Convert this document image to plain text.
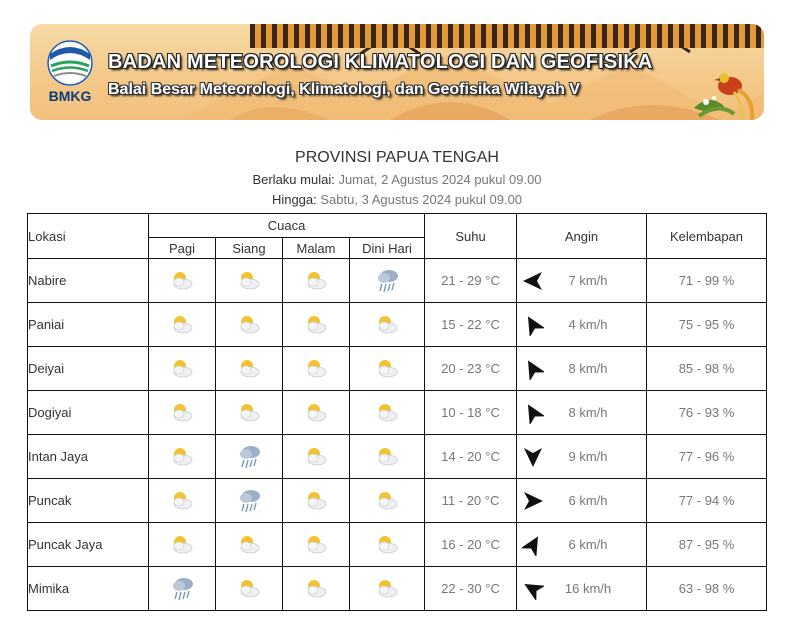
BMKG
BADAN METEOROLOGI KLIMATOLOGI DAN GEOFISIKA
Balai Besar Meteorologi, Klimatologi, dan Geofisika Wilayah V
PROVINSI PAPUA TENGAH
Berlaku mulai: Jumat, 2 Agustus 2024 pukul 09.00
Hingga: Sabtu, 3 Agustus 2024 pukul 09.00
Lokasi	Cuaca				Suhu	Angin	Kelembapan
	Pagi	Siang	Malam	Dini Hari			
Nabire					21 - 29 °C	7 km/h	71 - 99 %
Paniai					15 - 22 °C	4 km/h	75 - 95 %
Deiyai					20 - 23 °C	8 km/h	85 - 98 %
Dogiyai					10 - 18 °C	8 km/h	76 - 93 %
Intan Jaya					14 - 20 °C	9 km/h	77 - 96 %
Puncak					11 - 20 °C	6 km/h	77 - 94 %
Puncak Jaya					16 - 20 °C	6 km/h	87 - 95 %
Mimika					22 - 30 °C	16 km/h	63 - 98 %
